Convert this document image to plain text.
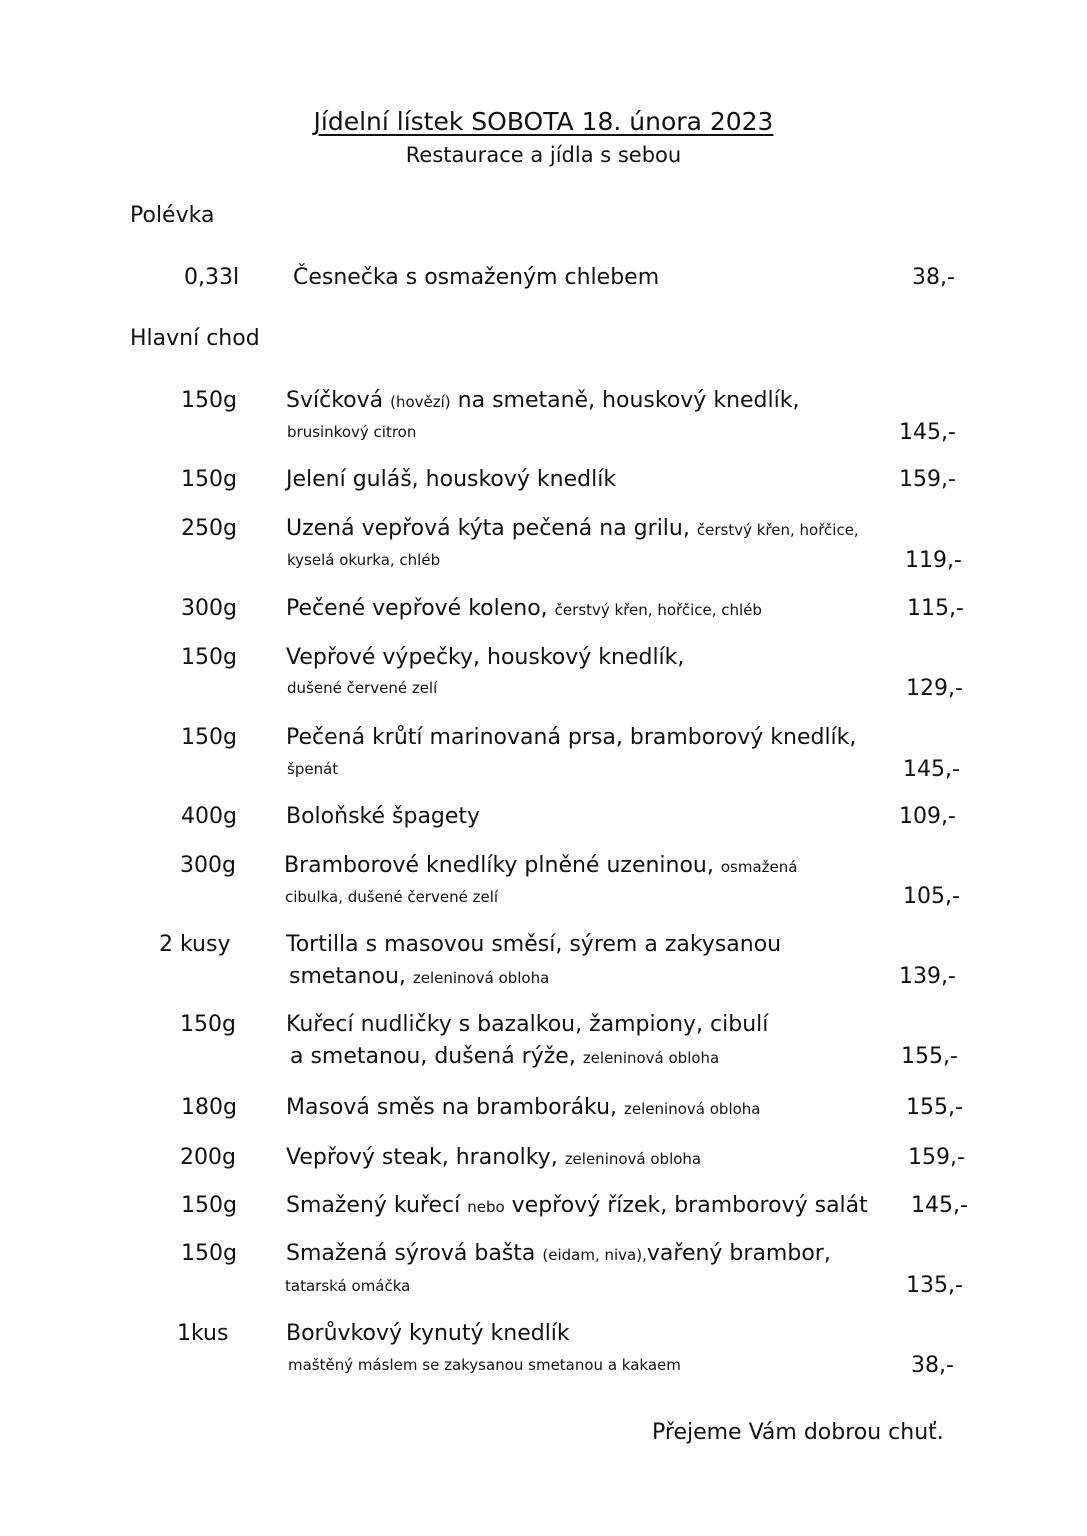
Jídelní lístek SOBOTA 18. února 2023
Restaurace a jídla s sebou
Polévka
0,33l Česnečka s osmaženým chlebem	38,-
Hlavní chod
150g Svíčková (hovězí) na smetaně, houskový knedlík,
brusinkový citron	145,-
150g Jelení guláš, houskový knedlík	159,-
250g Uzená vepřová kýta pečená na grilu, čerstvý křen, hořčice,
kyselá okurka, chléb	119,-
300g Pečené vepřové koleno, čerstvý křen, hořčice, chléb	115,-
150g Vepřové výpečky, houskový knedlík,
dušené červené zelí	129,-
150g Pečená krůtí marinovaná prsa, bramborový knedlík,
špenát	145,-
400g Boloňské špagety	109,-
300g Bramborové knedlíky plněné uzeninou, osmažená
cibulka, dušené červené zelí	105,-
2 kusy	Tortilla s masovou směsí, sýrem a zakysanou
smetanou, zeleninová obloha	139,-
150g Kuřecí nudličky s bazalkou, žampiony, cibulí
a smetanou, dušená rýže, zeleninová obloha	155,-
180g Masová směs na bramboráku, zeleninová obloha	155,-
200g Vepřový steak, hranolky, zeleninová obloha	159,-
150g Smažený kuřecí nebo vepřový řízek, bramborový salát 145,-
150g Smažená sýrová bašta (eidam, niva),vařený brambor,
tatarská omáčka	135,-
1kus	Borůvkový kynutý knedlík
maštěný máslem se zakysanou smetanou a kakaem	38,-
Přejeme Vám dobrou chuť.
